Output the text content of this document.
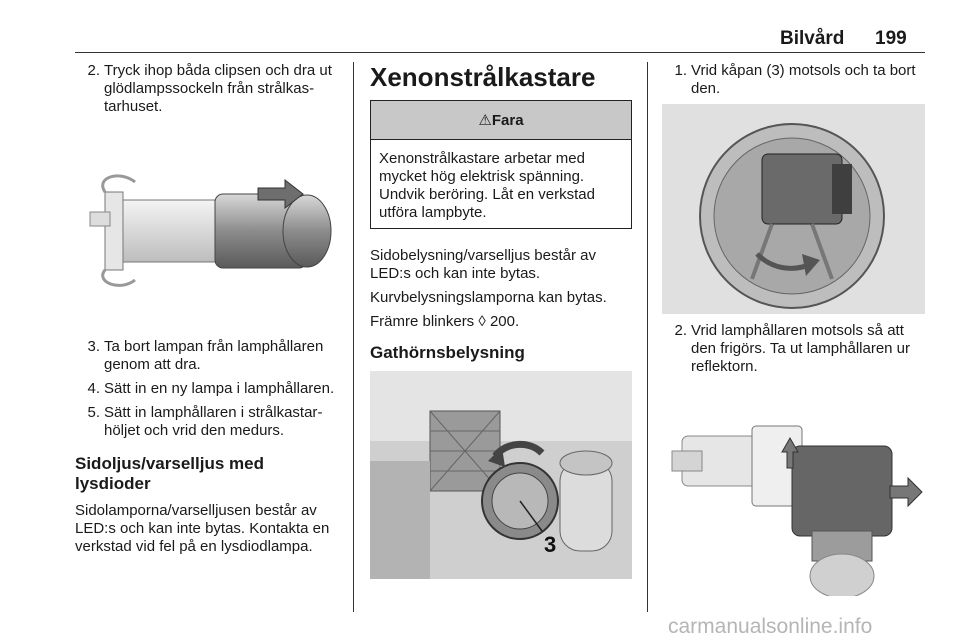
Bilvård 199
2. Tryck ihop båda clipsen och dra ut glödlampssockeln från strålkastarhuset.
3. Ta bort lampan från lamphållaren genom att dra.
4. Sätt in en ny lampa i lamphållaren.
5. Sätt in lamphållaren i strålkastarhöljet och vrid den medurs.
Sidoljus/varselljus med lysdioder
Sidolamporna/varselljusen består av LED:s och kan inte bytas. Kontakta en verkstad vid fel på en lysdiodlampa.
Xenonstrålkastare
⚠Fara
Xenonstrålkastare arbetar med mycket hög elektrisk spänning. Undvik beröring. Låt en verkstad utföra lampbyte.
Sidobelysning/varselljus består av LED:s och kan inte bytas.
Kurvbelysningslamporna kan bytas.
Främre blinkers ◊ 200.
Gathörnsbelysning
3
1. Vrid kåpan (3) motsols och ta bort den.
2. Vrid lamphållaren motsols så att den frigörs. Ta ut lamphållaren ur reflektorn.
carmanualsonline.info
